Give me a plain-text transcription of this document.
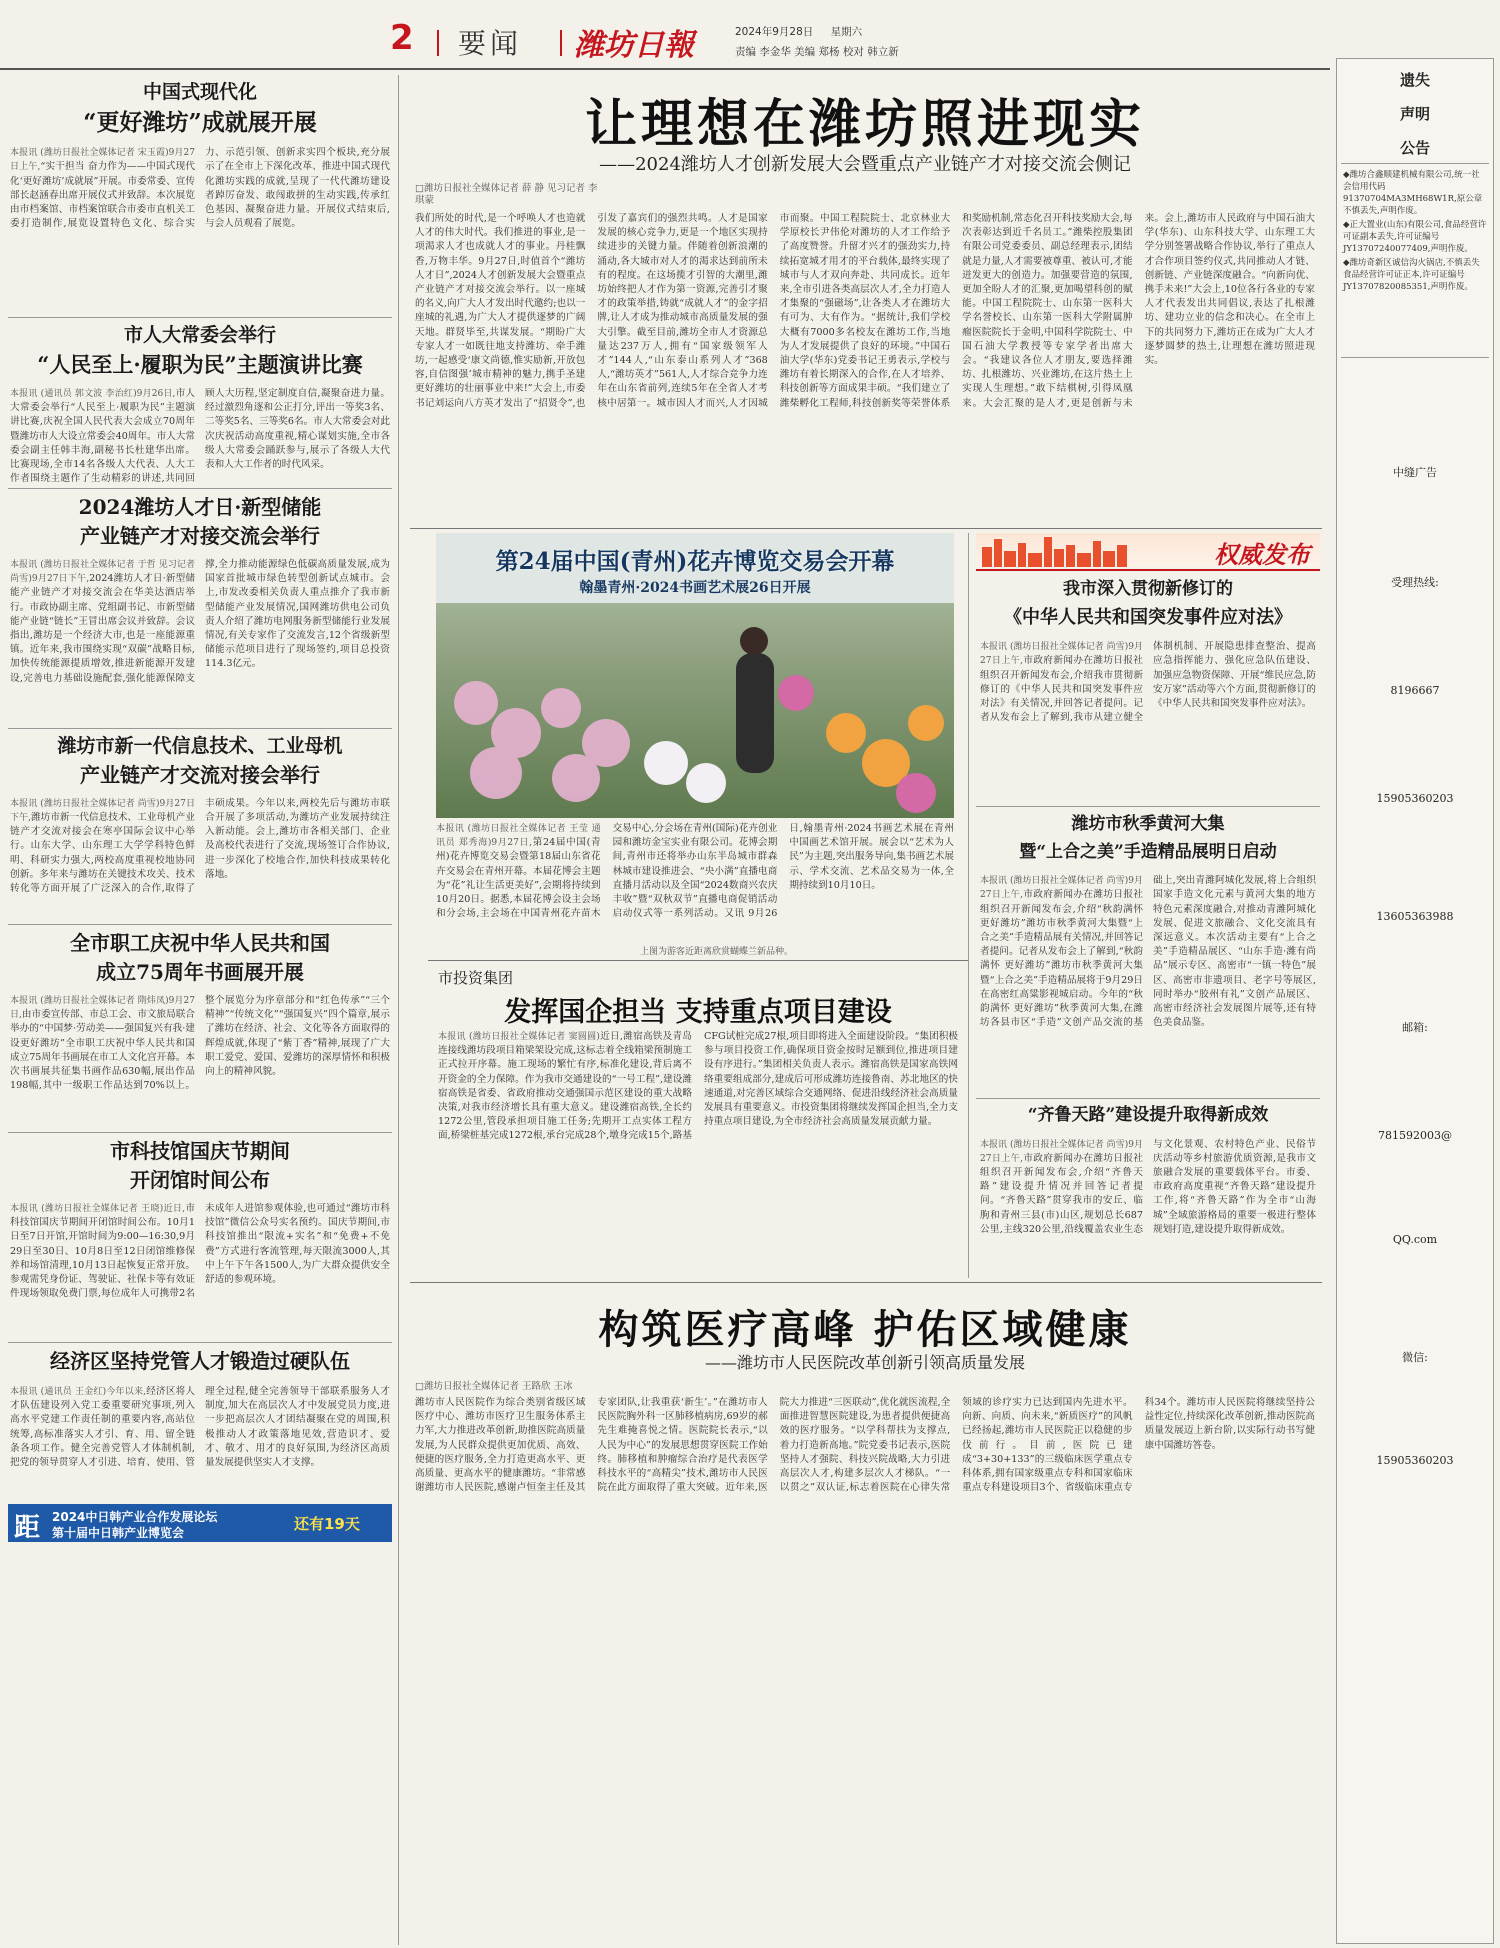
2 要闻 潍坊日報	2024年9月28日 星期六
责编 李金华 美编 郑杨 校对 韩立新
中国式现代化
“更好潍坊”成就展开展
本报讯 (潍坊日报社全媒体记者 宋玉霞)9月27日上午,“实干担当 奋力作为——中国式现代化‘更好潍坊’成就展”开展。市委常委、宣传部长赵涵春出席开展仪式并致辞。本次展览由市档案馆、市档案馆联合市委市直机关工委打造制作,展览设置特色文化、综合实力、示范引领、创新求实四个板块,充分展示了在全市上下深化改革、推进中国式现代化潍坊实践的成就,呈现了一代代潍坊建设者踔厉奋发、敢闯敢拼的生动实践,传承红色基因、凝聚奋进力量。开展仪式结束后,与会人员观看了展览。
市人大常委会举行
“人民至上·履职为民”主题演讲比赛
本报讯 (通讯员 郭文波 李治红)9月26日,市人大常委会举行“人民至上·履职为民”主题演讲比赛,庆祝全国人民代表大会成立70周年暨潍坊市人大设立常委会40周年。市人大常委会副主任韩丰海,副秘书长杜建华出席。比赛现场,全市14名各级人大代表、人大工作者围绕主题作了生动精彩的讲述,共同回顾人大历程,坚定制度自信,凝聚奋进力量。经过激烈角逐和公正打分,评出一等奖3名、二等奖5名、三等奖6名。市人大常委会对此次庆祝活动高度重视,精心谋划实施,全市各级人大常委会踊跃参与,展示了各级人大代表和人大工作者的时代风采。
2024潍坊人才日·新型储能
产业链产才对接交流会举行
本报讯 (潍坊日报社全媒体记者 于哲 见习记者 尚雪)9月27日下午,2024潍坊人才日·新型储能产业链产才对接交流会在华美达酒店举行。市政协副主席、党组副书记、市新型储能产业链“链长”王冒出席会议并致辞。会议指出,潍坊是一个经济大市,也是一座能源重镇。近年来,我市围绕实现“双碳”战略目标,加快传统能源提质增效,推进新能源开发建设,完善电力基础设施配套,强化能源保障支撑,全力推动能源绿色低碳高质量发展,成为国家首批城市绿色转型创新试点城市。会上,市发改委相关负责人重点推介了我市新型储能产业发展情况,国网潍坊供电公司负责人介绍了潍坊电网服务新型储能行业发展情况,有关专家作了交流发言,12个省级新型储能示范项目进行了现场签约,项目总投资114.3亿元。
潍坊市新一代信息技术、工业母机
产业链产才交流对接会举行
本报讯 (潍坊日报社全媒体记者 尚雪)9月27日下午,潍坊市新一代信息技术、工业母机产业链产才交流对接会在寒亭国际会议中心举行。山东大学、山东理工大学学科特色鲜明、科研实力强大,两校高度重视校地协同创新。多年来与潍坊在关键技术攻关、技术转化等方面开展了广泛深入的合作,取得了丰硕成果。今年以来,两校先后与潍坊市联合开展了多项活动,为潍坊产业发展持续注入新动能。会上,潍坊市各相关部门、企业及高校代表进行了交流,现场签订合作协议,进一步深化了校地合作,加快科技成果转化落地。
全市职工庆祝中华人民共和国
成立75周年书画展开展
本报讯 (潍坊日报社全媒体记者 隋炜凤)9月27日,由市委宣传部、市总工会、市文旅局联合举办的“中国梦·劳动美——强国复兴有我·建设更好潍坊”全市职工庆祝中华人民共和国成立75周年书画展在市工人文化宫开幕。本次书画展共征集书画作品630幅,展出作品198幅,其中一级职工作品达到70%以上。整个展览分为序章部分和“红色传承”“三个精神”“传统文化”“强国复兴”四个篇章,展示了潍坊在经济、社会、文化等各方面取得的辉煌成就,体现了“紫丁香”精神,展现了广大职工爱党、爱国、爱潍坊的深厚情怀和积极向上的精神风貌。
市科技馆国庆节期间
开闭馆时间公布
本报讯 (潍坊日报社全媒体记者 王晓)近日,市科技馆国庆节期间开闭馆时间公布。10月1日至7日开馆,开馆时间为9:00—16:30,9月29日至30日、10月8日至12日闭馆维修保养和场馆清理,10月13日起恢复正常开放。参观需凭身份证、驾驶证、社保卡等有效证件现场领取免费门票,每位成年人可携带2名未成年人进馆参观体验,也可通过“潍坊市科技馆”微信公众号实名预约。国庆节期间,市科技馆推出“限流+实名”和“免费+不免费”方式进行客流管理,每天限流3000人,其中上午下午各1500人,为广大群众提供安全舒适的参观环境。
经济区坚持党管人才锻造过硬队伍
本报讯 (通讯员 王金红)今年以来,经济区将人才队伍建设列入党工委重要研究事项,列入高水平党建工作责任制的重要内容,高站位统筹,高标准落实人才引、育、用、留全链条各项工作。健全完善党管人才体制机制,把党的领导贯穿人才引进、培育、使用、管理全过程,健全完善领导干部联系服务人才制度,加大在高层次人才中发展党员力度,进一步把高层次人才团结凝聚在党的周围,积极推动人才政策落地见效,营造识才、爱才、敬才、用才的良好氛围,为经济区高质量发展提供坚实人才支撑。
距 2024中日韩产业合作发展论坛
第十届中日韩产业博览会	还有19天
让理想在潍坊照进现实
——2024潍坊人才创新发展大会暨重点产业链产才对接交流会侧记
□潍坊日报社全媒体记者 薛 静 见习记者 李琪蒙
我们所处的时代,是一个呼唤人才也造就人才的伟大时代。我们推进的事业,是一项渴求人才也成就人才的事业。丹桂飘香,万物丰华。9月27日,时值首个“潍坊人才日”,2024人才创新发展大会暨重点产业链产才对接交流会举行。以一座城的名义,向广大人才发出时代邀约;也以一座城的礼遇,为广大人才提供逐梦的广阔天地。群贤毕至,共谋发展。“期盼广大专家人才一如既往地支持潍坊、牵手潍坊,一起感受‘康文尚德,惟实励新,开放包容,自信图强’城市精神的魅力,携手圣建更好潍坊的壮丽事业中来!”大会上,市委书记刘运向八方英才发出了“招贤令”,也引发了嘉宾们的强烈共鸣。人才是国家发展的核心竞争力,更是一个地区实现持续进步的关键力量。伴随着创新浪潮的涌动,各大城市对人才的渴求达到前所未有的程度。在这场揽才引智的大潮里,潍坊始终把人才作为第一资源,完善引才聚才的政策举措,铸就“成就人才”的金字招牌,让人才成为推动城市高质量发展的强大引擎。截至目前,潍坊全市人才资源总量达237万人,拥有“国家级领军人才”144人,“山东泰山系列人才”368人,“潍坊英才”561人,人才综合竞争力连年在山东省前列,连续5年在全省人才考核中居第一。城市因人才而兴,人才因城市而聚。中国工程院院士、北京林业大学原校长尹伟伦对潍坊的人才工作给予了高度赞誉。升留才兴才的强劲实力,持续拓宽城才用才的平台载体,最终实现了城市与人才双向奔赴、共同成长。近年来,全市引进各类高层次人才,全力打造人才集聚的“强磁场”,让各类人才在潍坊大有可为、大有作为。“据统计,我们学校大概有7000多名校友在潍坊工作,当地为人才发展提供了良好的环境。”中国石油大学(华东)党委书记王勇表示,学校与潍坊有着长期深入的合作,在人才培养、科技创新等方面成果丰硕。“我们建立了潍柴孵化工程师,科技创新奖等荣誉体系和奖励机制,常态化召开科技奖励大会,每次表彰达到近千名员工。”潍柴控股集团有限公司党委委员、副总经理表示,团结就是力量,人才需要被尊重、被认可,才能迸发更大的创造力。加强要营造的氛围,更加全盼人才的汇聚,更加喝望科创的赋能。中国工程院院士、山东第一医科大学名誉校长、山东第一医科大学附属肿瘤医院院长于金明,中国科学院院士、中国石油大学教授等专家学者出席大会。“我建议各位人才朋友,要选择潍坊、扎根潍坊、兴业潍坊,在这片热土上实现人生理想。”敢下结棋树,引得凤凰来。大会汇聚的是人才,更是创新与未来。会上,潍坊市人民政府与中国石油大学(华东)、山东科技大学、山东理工大学分别签署战略合作协议,举行了重点人才合作项目签约仪式,共同推动人才链、创新链、产业链深度融合。“向新向优、携手未来!”大会上,10位各行各业的专家人才代表发出共同倡议,表达了扎根潍坊、建功立业的信念和决心。在全市上下的共同努力下,潍坊正在成为广大人才逐梦圆梦的热土,让理想在潍坊照进现实。
第24届中国(青州)花卉博览交易会开幕
翰墨青州·2024书画艺术展26日开展
本报讯 (潍坊日报社全媒体记者 王莹 通讯员 郑秀海)9月27日,第24届中国(青州)花卉博览交易会暨第18届山东省花卉交易会在青州开幕。本届花博会主题为“花”礼让生活更美好”,会期将持续到10月20日。据悉,本届花博会设主会场和分会场,主会场在中国青州花卉苗木交易中心,分会场在青州(国际)花卉创业园和潍坊金宝实业有限公司。花博会期间,青州市还将举办山东半岛城市群森林城市建设推进会、“央小满”直播电商直播月活动以及全国“2024数商兴农庆丰收”暨“双秋双节”直播电商促销活动启动仪式等一系列活动。又讯 9月26日,翰墨青州·2024书画艺术展在青州中国画艺术馆开展。展会以“艺术为人民”为主题,突出服务导向,集书画艺术展示、学术交流、艺术品交易为一体,全期持续到10月10日。
上图为游客近距离欣赏蝴蝶兰新品种。
市投资集团
发挥国企担当 支持重点项目建设
本报讯 (潍坊日报社全媒体记者 窦圆圆)近日,潍宿高铁及青岛连接线潍坊段项目箱梁架设完成,这标志着全线箱梁预制施工正式拉开序幕。施工现场的繁忙有序,标准化建设,背后离不开资金的全力保障。作为我市交通建设的“一号工程”,建设潍宿高铁是省委、省政府推动交通强国示范区建设的重大战略决策,对我市经济增长具有重大意义。建设潍宿高铁,全长约1272公里,管段承担项目施工任务;先期开工点实体工程方面,桥梁桩基完成1272根,承台完成28个,墩身完成15个,路基CFG试桩完成27根,项目即将进入全面建设阶段。“集团积极参与项目投资工作,确保项目资金按时足额到位,推进项目建设有序进行。”集团相关负责人表示。潍宿高铁是国家高铁网络重要组成部分,建成后可形成潍坊连接鲁南、苏北地区的快速通道,对完善区域综合交通网络、促进沿线经济社会高质量发展具有重要意义。市投资集团将继续发挥国企担当,全力支持重点项目建设,为全市经济社会高质量发展贡献力量。
权威发布
我市深入贯彻新修订的
《中华人民共和国突发事件应对法》
本报讯 (潍坊日报社全媒体记者 尚雪)9月27日上午,市政府新闻办在潍坊日报社组织召开新闻发布会,介绍我市贯彻新修订的《中华人民共和国突发事件应对法》有关情况,并回答记者提问。记者从发布会上了解到,我市从建立健全体制机制、开展隐患排查整治、提高应急指挥能力、强化应急队伍建设、加强应急物资保障、开展“维民应急,防安万家”活动等六个方面,贯彻新修订的《中华人民共和国突发事件应对法》。
潍坊市秋季黄河大集
暨“上合之美”手造精品展明日启动
本报讯 (潍坊日报社全媒体记者 尚雪)9月27日上午,市政府新闻办在潍坊日报社组织召开新闻发布会,介绍“秋韵满怀 更好潍坊”潍坊市秋季黄河大集暨“上合之美”手造精品展有关情况,并回答记者提问。记者从发布会上了解到,“秋韵满怀 更好潍坊”潍坊市秋季黄河大集暨“上合之美”手造精品展将于9月29日在高密红高粱影视城启动。今年的“秋韵满怀 更好潍坊”秋季黄河大集,在潍坊各县市区“手造”文创产品交流的基础上,突出青潍阿城化发展,将上合组织国家手造文化元素与黄河大集的地方特色元素深度融合,对推动青潍阿城化发展、促进文旅融合、文化交流具有深远意义。本次活动主要有“上合之美”手造精品展区、“山东手造·潍有尚品”展示专区、高密市“一镇一特色”展区、高密市非遗项目、老字号等展区,同时举办“胶州有礼”文创产品展区、高密市经济社会发展图片展等,还有特色美食品鉴。
“齐鲁天路”建设提升取得新成效
本报讯 (潍坊日报社全媒体记者 尚雪)9月27日上午,市政府新闻办在潍坊日报社组织召开新闻发布会,介绍“齐鲁天路”建设提升情况并回答记者提问。“齐鲁天路”贯穿我市的安丘、临朐和青州三县(市)山区,规划总长687公里,主线320公里,沿线覆盖农业生态与文化景观、农村特色产业、民俗节庆活动等乡村旅游优质资源,是我市文旅融合发展的重要载体平台。市委、市政府高度重视“齐鲁天路”建设提升工作,将“齐鲁天路”作为全市“山海城”全域旅游格局的重要一极进行整体规划打造,建设提升取得新成效。
构筑医疗高峰 护佑区域健康
——潍坊市人民医院改革创新引领高质量发展
□潍坊日报社全媒体记者 王路欣 王冰
潍坊市人民医院作为综合类别省级区域医疗中心、潍坊市医疗卫生服务体系主力军,大力推进改革创新,助推医院高质量发展,为人民群众提供更加优质、高效、便捷的医疗服务,全力打造更高水平、更高质量、更高水平的健康潍坊。“非常感谢潍坊市人民医院,感谢卢恒奎主任及其专家团队,让我重获‘新生’。”在潍坊市人民医院胸外科一区肺移植病房,69岁的郝先生难掩喜悦之情。医院院长表示,“以人民为中心”的发展思想贯穿医院工作始终。肺移植和肿瘤综合治疗是代表医学科技水平的“高精尖”技术,潍坊市人民医院在此方面取得了重大突破。近年来,医院大力推进“三医联动”,优化就医流程,全面推进智慧医院建设,为患者提供便捷高效的医疗服务。“以学科帮扶为支撑点,着力打造新高地。”院党委书记表示,医院坚持人才强院、科技兴院战略,大力引进高层次人才,构建多层次人才梯队。“一以贯之”双认证,标志着医院在心律失常领域的诊疗实力已达到国内先进水平。向新、向质、向未来,“新质医疗”的风帆已经扬起,潍坊市人民医院正以稳健的步伐前行。目前,医院已建成“3+30+133”的三级临床医学重点专科体系,拥有国家级重点专科和国家临床重点专科建设项目3个、省级临床重点专科34个。潍坊市人民医院将继续坚持公益性定位,持续深化改革创新,推动医院高质量发展迈上新台阶,以实际行动书写健康中国潍坊答卷。
遗失
声明
公告
◆潍坊合鑫顺建机械有限公司,统一社会信用代码91370704MA3MH68W1R,原公章不慎丢失,声明作废。
◆正大置业(山东)有限公司,食品经营许可证副本丢失,许可证编号JY13707240077409,声明作废。
◆潍坊奇新区诚信沟火锅店,不慎丢失食品经营许可证正本,许可证编号JY13707820085351,声明作废。
中缝广告
受理热线:
8196667
15905360203
13605363988
邮箱:
781592003@
QQ.com
微信:
15905360203
